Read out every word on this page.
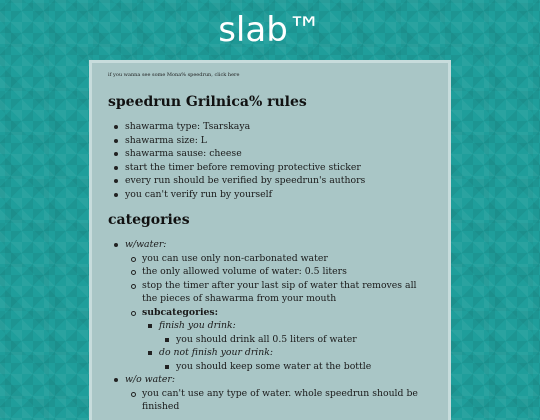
slab™
if you wanna see some Mona% speedrun, click here
speedrun Grilnica% rules
shawarma type: Tsarskaya
shawarma size: L
shawarma sause: cheese
start the timer before removing protective sticker
every run should be verified by speedrun's authors
you can't verify run by yourself
categories
w/water:
you can use only non-carbonated water
the only allowed volume of water: 0.5 liters
stop the timer after your last sip of water that removes all the pieces of shawarma from your mouth
subcategories:
finish you drink:
you should drink all 0.5 liters of water
do not finish your drink:
you should keep some water at the bottle
w/o water:
you can't use any type of water. whole speedrun should be finished
